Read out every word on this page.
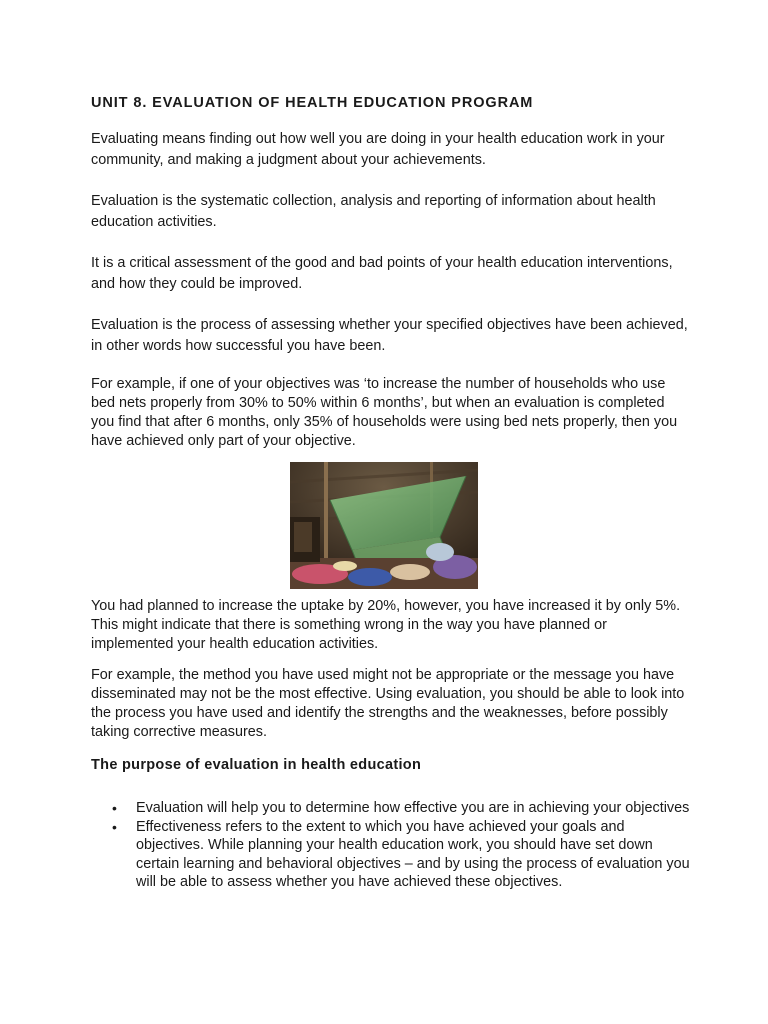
UNIT 8. EVALUATION OF HEALTH EDUCATION PROGRAM

Evaluating means finding out how well you are doing in your health education work in your community, and making a judgment about your achievements.

Evaluation is the systematic collection, analysis and reporting of information about health education activities.

It is a critical assessment of the good and bad points of your health education interventions, and how they could be improved.

Evaluation is the process of assessing whether your specified objectives have been achieved, in other words how successful you have been.

For example, if one of your objectives was ‘to increase the number of households who use bed nets properly from 30% to 50% within 6 months’, but when an evaluation is completed you find that after 6 months, only 35% of households were using bed nets properly, then you have achieved only part of your objective.

You had planned to increase the uptake by 20%, however, you have increased it by only 5%. This might indicate that there is something wrong in the way you have planned or implemented your health education activities.

For example, the method you have used might not be appropriate or the message you have disseminated may not be the most effective. Using evaluation, you should be able to look into the process you have used and identify the strengths and the weaknesses, before possibly taking corrective measures.

The purpose of evaluation in health education
• Evaluation will help you to determine how effective you are in achieving your objectives
• Effectiveness refers to the extent to which you have achieved your goals and objectives. While planning your health education work, you should have set down certain learning and behavioral objectives – and by using the process of evaluation you will be able to assess whether you have achieved these objectives.
